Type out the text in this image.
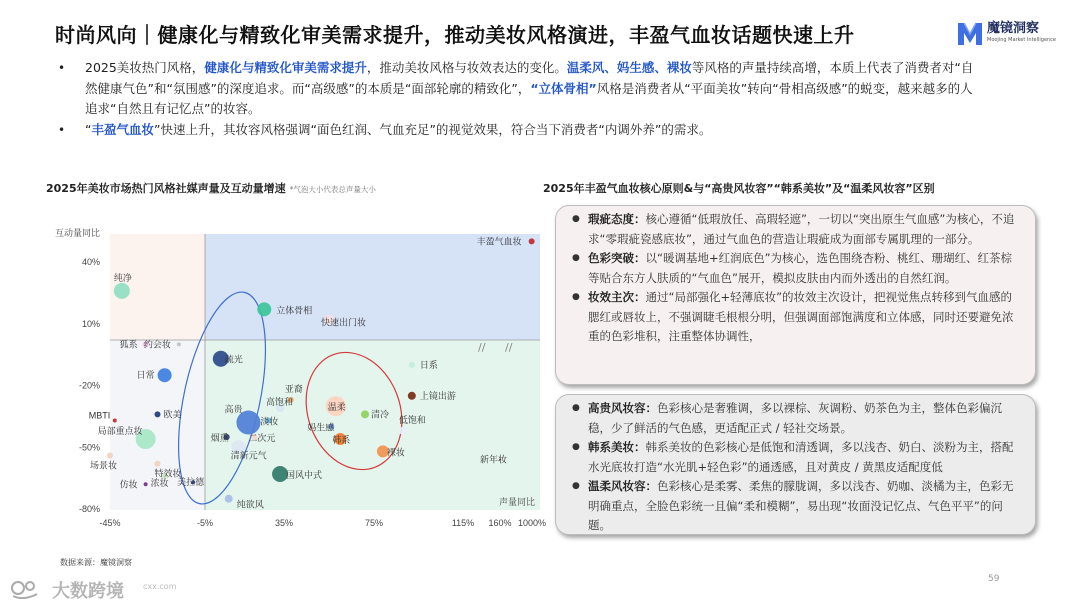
时尚风向｜健康化与精致化审美需求提升，推动美妆风格演进，丰盈气血妆话题快速上升	魔镜洞察
Moojing Market Intelligence
• 2025美妆热门风格，健康化与精致化审美需求提升，推动美妆风格与妆效表达的变化。温柔风、妈生感、裸妆等风格的声量持续高增，本质上代表了消费者对“自然健康气色”和“氛围感”的深度追求。而“高级感”的本质是“面部轮廓的精致化”，“立体骨相”风格是消费者从“平面美妆”转向“骨相高级感”的蜕变，越来越多的人追求“自然且有记忆点”的妆容。
• “丰盈气血妆”快速上升，其妆容风格强调“面色红润、气血充足”的视觉效果，符合当下消费者“内调外养”的需求。
2025年美妆市场热门风格社媒声量及互动量增速 *气泡大小代表总声量大小
// //
互动量同比
声量同比
40%
10%
-20%
-50%
-80%
-45%	-5%	35%	75%	115% 160% 1000%
丰盈气血妆
纯净
立体骨相
快速出门妆
狐系 约会妆
疏光
日系
日常
上镜出游
亚裔
高饱和	温柔
清冷
欧美	高贵
淡妆
妈生感
低饱和
MBTI
局部重点妆
烟熏 二次元	韩系
裸妆
清新元气
场景妆
特效妆
新年妆
浓妆
国风中式
仿妆	美拉德
纯欲风
2025年丰盈气血妆核心原则&与“高贵风妆容”“韩系美妆”及“温柔风妆容”区别
● 瑕疵态度：核心遵循“低瑕放任、高瑕轻遮”，一切以“突出原生气血感”为核心，不追求“零瑕疵瓷感底妆”，通过气血色的营造让瑕疵成为面部专属肌理的一部分。
● 色彩突破：以“暖调基地+红润底色”为核心，选色围绕杏粉、桃红、珊瑚红、红茶棕等贴合东方人肤质的“气血色”展开，模拟皮肤由内而外透出的自然红润。
● 妆效主次：通过“局部强化+轻薄底妆”的妆效主次设计，把视觉焦点转移到气血感的腮红或唇妆上，不强调睫毛根根分明，但强调面部饱满度和立体感，同时还要避免浓重的色彩堆积，注重整体协调性，
● 高贵风妆容：色彩核心是奢雅调，多以裸棕、灰调粉、奶茶色为主，整体色彩偏沉稳，少了鲜活的气色感，更适配正式 / 轻社交场景。
● 韩系美妆：韩系美妆的色彩核心是低饱和清透调，多以浅杏、奶白、淡粉为主，搭配水光底妆打造“水光肌+轻色彩”的通透感，且对黄皮 / 黄黑皮适配度低
● 温柔风妆容：色彩核心是柔雾、柔焦的朦胧调，多以浅杏、奶咖、淡橘为主，色彩无明确重点，全脸色彩统一且偏“柔和模糊”，易出现“妆面没记忆点、气色平平”的问题。
数据来源：魔镜洞察
59
大数跨境 cxx.com
